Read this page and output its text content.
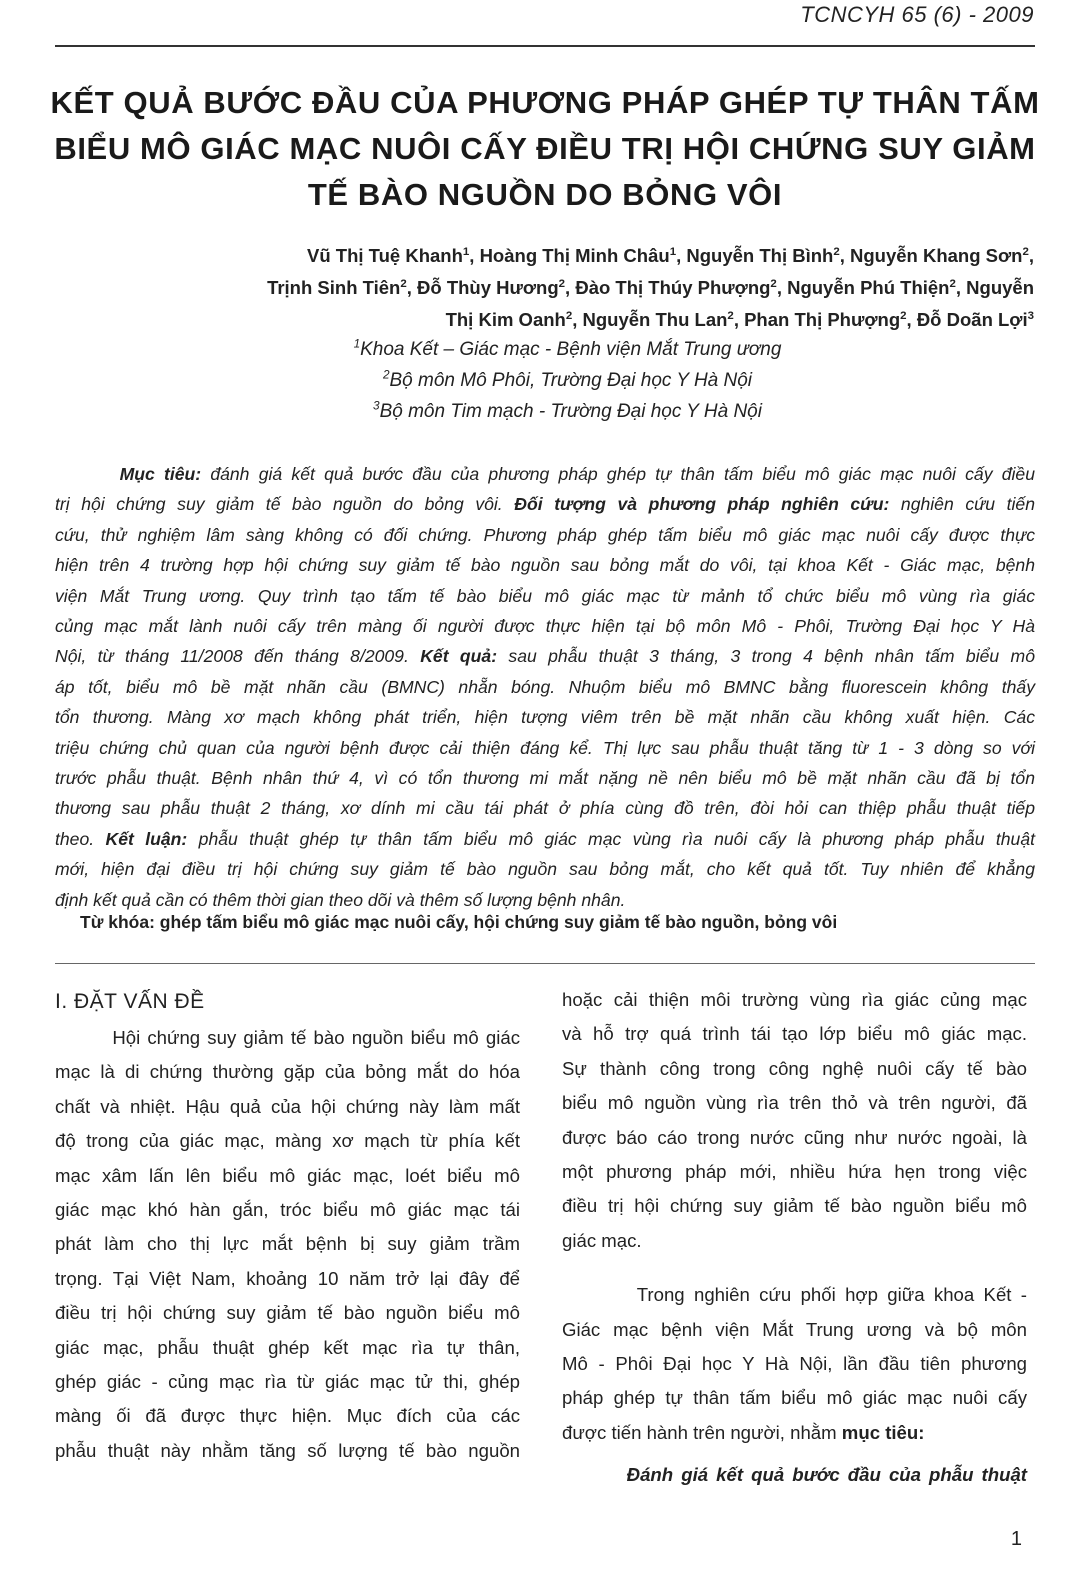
TCNCYH 65 (6) - 2009
KẾT QUẢ BƯỚC ĐẦU CỦA PHƯƠNG PHÁP GHÉP TỰ THÂN TẤM
BIỂU MÔ GIÁC MẠC NUÔI CẤY ĐIỀU TRỊ HỘI CHỨNG SUY GIẢM
TẾ BÀO NGUỒN DO BỎNG VÔI
Vũ Thị Tuệ Khanh$^1$, Hoàng Thị Minh Châu$^1$, Nguyễn Thị Bình$^2$, Nguyễn Khang Sơn$^2$,
Trịnh Sinh Tiên$^2$, Đỗ Thùy Hương$^2$, Đào Thị Thúy Phượng$^2$, Nguyễn Phú Thiện$^2$, Nguyễn
Thị Kim Oanh$^2$, Nguyễn Thu Lan$^2$, Phan Thị Phượng$^2$, Đỗ Doãn Lợi$^3$
$^1$Khoa Kết – Giác mạc - Bệnh viện Mắt Trung ương
$^2$Bộ môn Mô Phôi, Trường Đại học Y Hà Nội
$^3$Bộ môn Tim mạch - Trường Đại học Y Hà Nội
Mục tiêu: đánh giá kết quả bước đầu của phương pháp ghép tự thân tấm biểu mô giác mạc nuôi cấy điều
trị hội chứng suy giảm tế bào nguồn do bỏng vôi. Đối tượng và phương pháp nghiên cứu: nghiên cứu tiến
cứu, thử nghiệm lâm sàng không có đối chứng. Phương pháp ghép tấm biểu mô giác mạc nuôi cấy được thực
hiện trên 4 trường hợp hội chứng suy giảm tế bào nguồn sau bỏng mắt do vôi, tại khoa Kết - Giác mạc, bệnh
viện Mắt Trung ương. Quy trình tạo tấm tế bào biểu mô giác mạc từ mảnh tổ chức biểu mô vùng rìa giác
củng mạc mắt lành nuôi cấy trên màng ối người được thực hiện tại bộ môn Mô - Phôi, Trường Đại học Y Hà
Nội, từ tháng 11/2008 đến tháng 8/2009. Kết quả: sau phẫu thuật 3 tháng, 3 trong 4 bệnh nhân tấm biểu mô
áp tốt, biểu mô bề mặt nhãn cầu (BMNC) nhẵn bóng. Nhuộm biểu mô BMNC bằng fluorescein không thấy
tổn thương. Màng xơ mạch không phát triển, hiện tượng viêm trên bề mặt nhãn cầu không xuất hiện. Các
triệu chứng chủ quan của người bệnh được cải thiện đáng kể. Thị lực sau phẫu thuật tăng từ 1 - 3 dòng so với
trước phẫu thuật. Bệnh nhân thứ 4, vì có tổn thương mi mắt nặng nề nên biểu mô bề mặt nhãn cầu đã bị tổn
thương sau phẫu thuật 2 tháng, xơ dính mi cầu tái phát ở phía cùng đồ trên, đòi hỏi can thiệp phẫu thuật tiếp
theo. Kết luận: phẫu thuật ghép tự thân tấm biểu mô giác mạc vùng rìa nuôi cấy là phương pháp phẫu thuật
mới, hiện đại điều trị hội chứng suy giảm tế bào nguồn sau bỏng mắt, cho kết quả tốt. Tuy nhiên để khẳng
định kết quả cần có thêm thời gian theo dõi và thêm số lượng bệnh nhân.
Từ khóa: ghép tấm biểu mô giác mạc nuôi cấy, hội chứng suy giảm tế bào nguồn, bỏng vôi
I. ĐẶT VẤN ĐỀ
Hội chứng suy giảm tế bào nguồn biểu mô giác
mạc là di chứng thường gặp của bỏng mắt do hóa
chất và nhiệt. Hậu quả của hội chứng này làm mất
độ trong của giác mạc, màng xơ mạch từ phía kết
mạc xâm lấn lên biểu mô giác mạc, loét biểu mô
giác mạc khó hàn gắn, tróc biểu mô giác mạc tái
phát làm cho thị lực mắt bệnh bị suy giảm trầm
trọng. Tại Việt Nam, khoảng 10 năm trở lại đây để
điều trị hội chứng suy giảm tế bào nguồn biểu mô
giác mạc, phẫu thuật ghép kết mạc rìa tự thân,
ghép giác - củng mạc rìa từ giác mạc tử thi, ghép
màng ối đã được thực hiện. Mục đích của các
phẫu thuật này nhằm tăng số lượng tế bào nguồn
hoặc cải thiện môi trường vùng rìa giác củng mạc
và hỗ trợ quá trình tái tạo lớp biểu mô giác mạc.
Sự thành công trong công nghệ nuôi cấy tế bào
biểu mô nguồn vùng rìa trên thỏ và trên người, đã
được báo cáo trong nước cũng như nước ngoài, là
một phương pháp mới, nhiều hứa hẹn trong việc
điều trị hội chứng suy giảm tế bào nguồn biểu mô
giác mạc.
Trong nghiên cứu phối hợp giữa khoa Kết -
Giác mạc bệnh viện Mắt Trung ương và bộ môn
Mô - Phôi Đại học Y Hà Nội, lần đầu tiên phương
pháp ghép tự thân tấm biểu mô giác mạc nuôi cấy
được tiến hành trên người, nhằm mục tiêu:
Đánh giá kết quả bước đầu của phẫu thuật
1
